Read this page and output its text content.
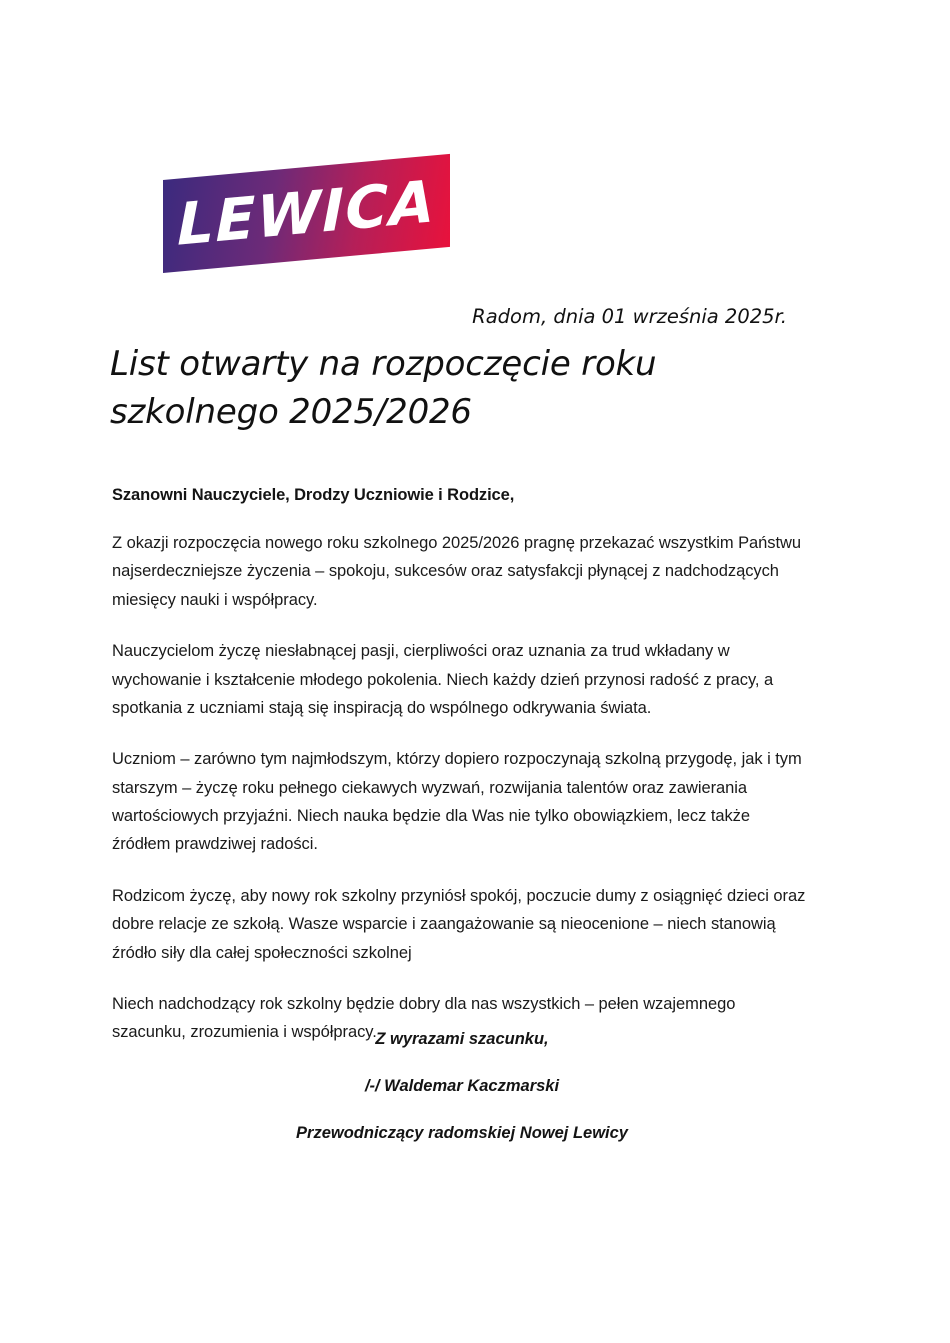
LEWICA
Radom, dnia 01 września 2025r.
List otwarty na rozpoczęcie roku szkolnego 2025/2026
Szanowni Nauczyciele, Drodzy Uczniowie i Rodzice,

Z okazji rozpoczęcia nowego roku szkolnego 2025/2026 pragnę przekazać wszystkim Państwu najserdeczniejsze życzenia – spokoju, sukcesów oraz satysfakcji płynącej z nadchodzących miesięcy nauki i współpracy.

Nauczycielom życzę niesłabnącej pasji, cierpliwości oraz uznania za trud wkładany w wychowanie i kształcenie młodego pokolenia. Niech każdy dzień przynosi radość z pracy, a spotkania z uczniami stają się inspiracją do wspólnego odkrywania świata.

Uczniom – zarówno tym najmłodszym, którzy dopiero rozpoczynają szkolną przygodę, jak i tym starszym – życzę roku pełnego ciekawych wyzwań, rozwijania talentów oraz zawierania wartościowych przyjaźni. Niech nauka będzie dla Was nie tylko obowiązkiem, lecz także źródłem prawdziwej radości.

Rodzicom życzę, aby nowy rok szkolny przyniósł spokój, poczucie dumy z osiągnięć dzieci oraz dobre relacje ze szkołą. Wasze wsparcie i zaangażowanie są nieocenione – niech stanowią źródło siły dla całej społeczności szkolnej

Niech nadchodzący rok szkolny będzie dobry dla nas wszystkich – pełen wzajemnego szacunku, zrozumienia i współpracy.

Z wyrazami szacunku,
/-/ Waldemar Kaczmarski
Przewodniczący radomskiej Nowej Lewicy
